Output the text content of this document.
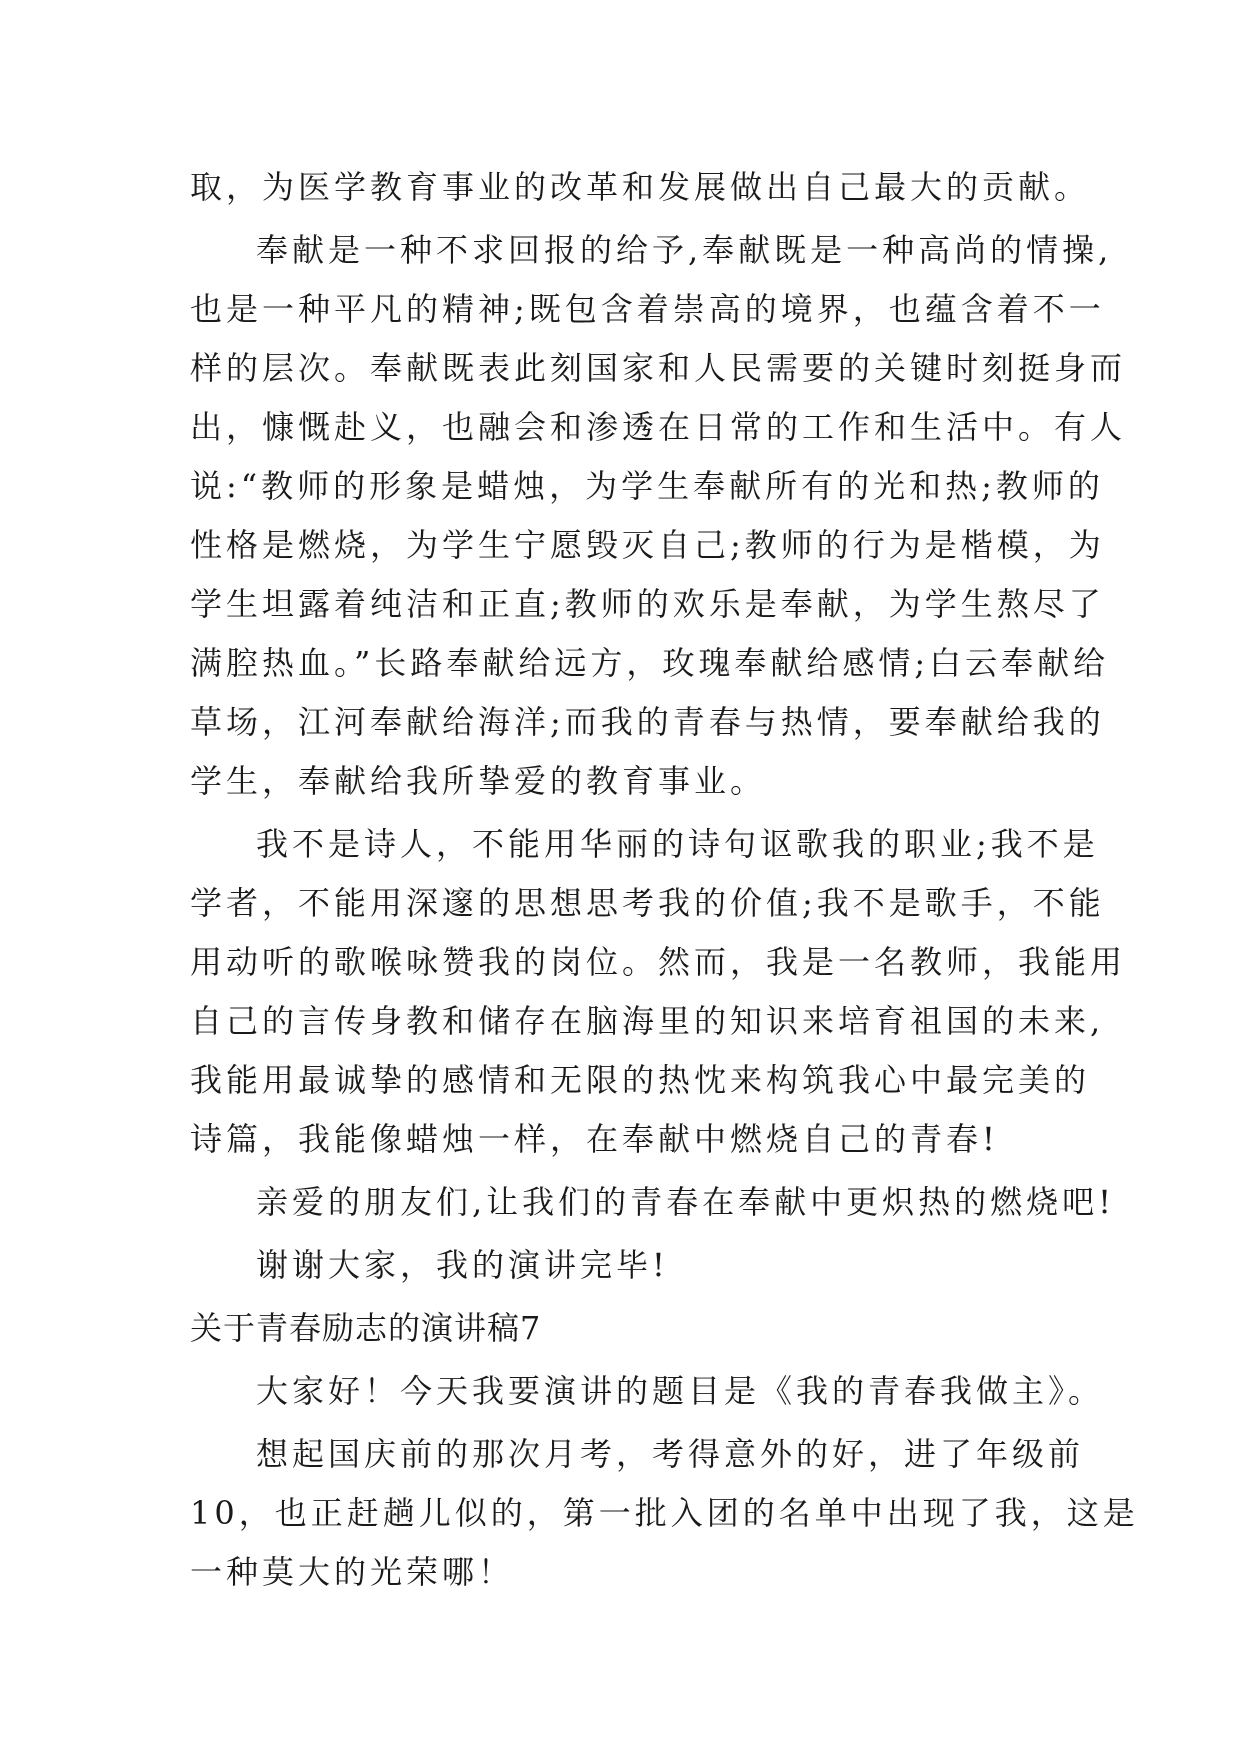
取，为医学教育事业的改革和发展做出自己最大的贡献。
奉献是一种不求回报的给予,奉献既是一种高尚的情操,
也是一种平凡的精神;既包含着崇高的境界，也蕴含着不一
样的层次。奉献既表此刻国家和人民需要的关键时刻挺身而
出，慷慨赴义，也融会和渗透在日常的工作和生活中。有人
说:“教师的形象是蜡烛，为学生奉献所有的光和热;教师的
性格是燃烧，为学生宁愿毁灭自己;教师的行为是楷模，为
学生坦露着纯洁和正直;教师的欢乐是奉献，为学生熬尽了
满腔热血。”长路奉献给远方，玫瑰奉献给感情;白云奉献给
草场，江河奉献给海洋;而我的青春与热情，要奉献给我的
学生，奉献给我所挚爱的教育事业。
我不是诗人，不能用华丽的诗句讴歌我的职业;我不是
学者，不能用深邃的思想思考我的价值;我不是歌手，不能
用动听的歌喉咏赞我的岗位。然而，我是一名教师，我能用
自己的言传身教和储存在脑海里的知识来培育祖国的未来,
我能用最诚挚的感情和无限的热忱来构筑我心中最完美的
诗篇，我能像蜡烛一样，在奉献中燃烧自己的青春!
亲爱的朋友们,让我们的青春在奉献中更炽热的燃烧吧!
谢谢大家，我的演讲完毕!
关于青春励志的演讲稿7
大家好！今天我要演讲的题目是《我的青春我做主》。
想起国庆前的那次月考，考得意外的好，进了年级前
10，也正赶趟儿似的，第一批入团的名单中出现了我，这是
一种莫大的光荣哪！
